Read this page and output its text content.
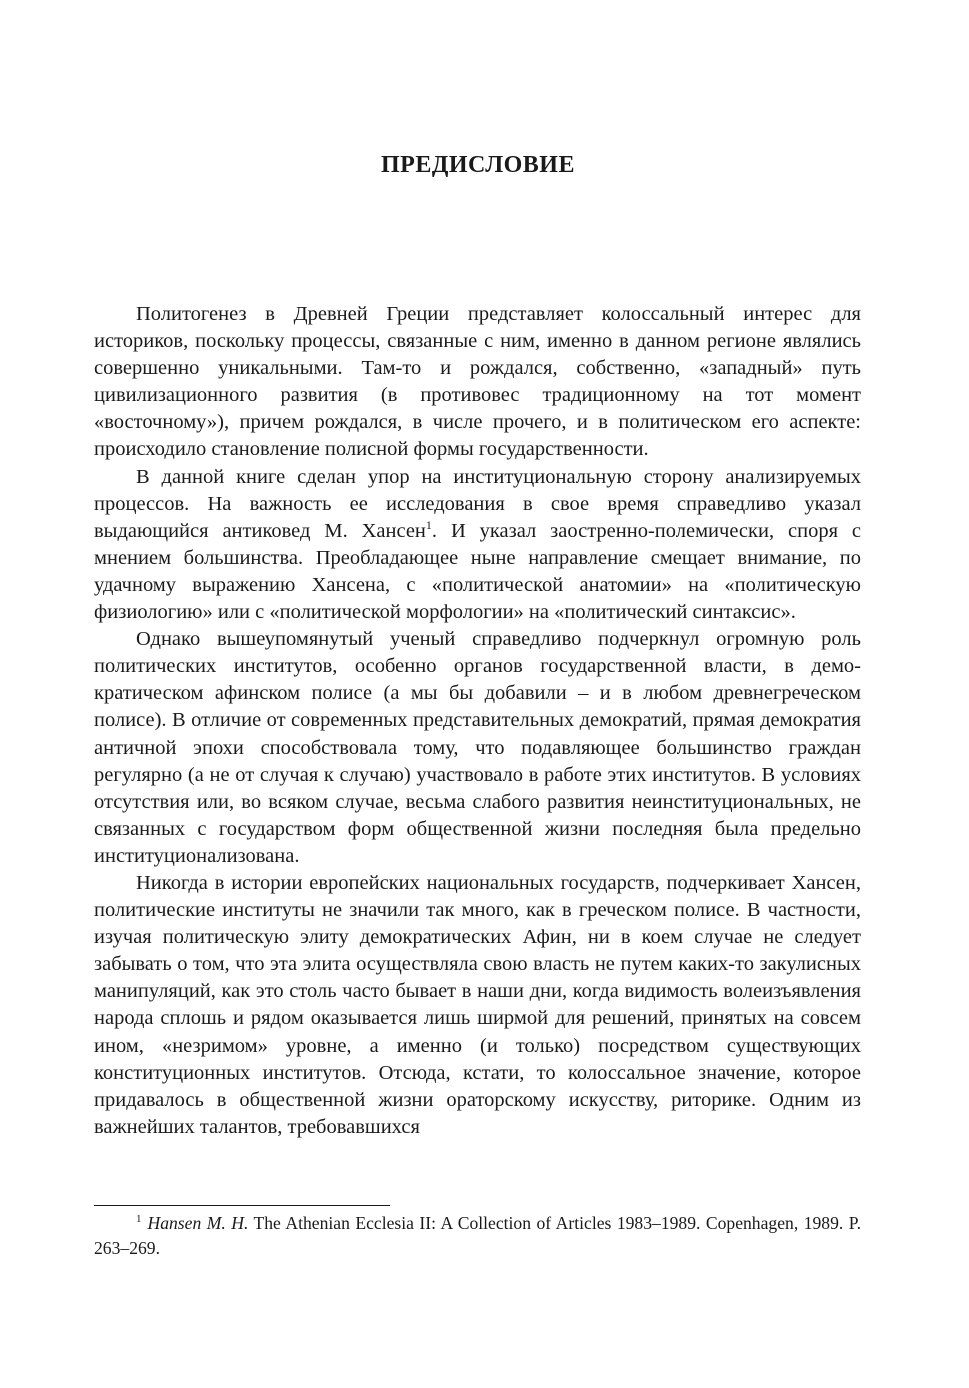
ПРЕДИСЛОВИЕ

Политогенез в Древней Греции представляет колоссальный интерес для историков, поскольку процессы, связанные с ним, именно в данном регионе являлись совершенно уникальными. Там-то и рождался, собственно, «западный» путь цивилизационного развития (в противовес традиционному на тот момент «восточному»), причем рождался, в числе прочего, и в политическом его аспекте: происходило становление полисной формы государственности.

В данной книге сделан упор на институциональную сторону анализируемых процессов. На важность ее исследования в свое время справедливо указал выдающийся антиковед М. Хансен$^1$. И указал заостренно-полемически, споря с мнением большинства. Преобладающее ныне направление смещает внимание, по удачному выражению Хансена, с «политической анатомии» на «политическую физиологию» или с «политической морфологии» на «политический синтаксис».

Однако вышеупомянутый ученый справедливо подчеркнул огромную роль политических институтов, особенно органов государственной власти, в демократическом афинском полисе (а мы бы добавили – и в любом древнегреческом полисе). В отличие от современных представительных демократий, прямая демократия античной эпохи способствовала тому, что подавляющее большинство граждан регулярно (а не от случая к случаю) участвовало в работе этих институтов. В условиях отсутствия или, во всяком случае, весьма слабого развития неинституциональных, не связанных с государством форм общественной жизни последняя была предельно институционализована.

Никогда в истории европейских национальных государств, подчеркивает Хансен, политические институты не значили так много, как в греческом полисе. В частности, изучая политическую элиту демократических Афин, ни в коем случае не следует забывать о том, что эта элита осуществляла свою власть не путем каких-то закулисных манипуляций, как это столь часто бывает в наши дни, когда видимость волеизъявления народа сплошь и рядом оказывается лишь ширмой для решений, принятых на совсем ином, «незримом» уровне, а именно (и только) посредством существующих конституционных институтов. Отсюда, кстати, то колоссальное значение, которое придавалось в общественной жизни ораторскому искусству, риторике. Одним из важнейших талантов, требовавшихся

$^1$ Hansen M. H. The Athenian Ecclesia II: A Collection of Articles 1983–1989. Copenhagen, 1989. P. 263–269.
